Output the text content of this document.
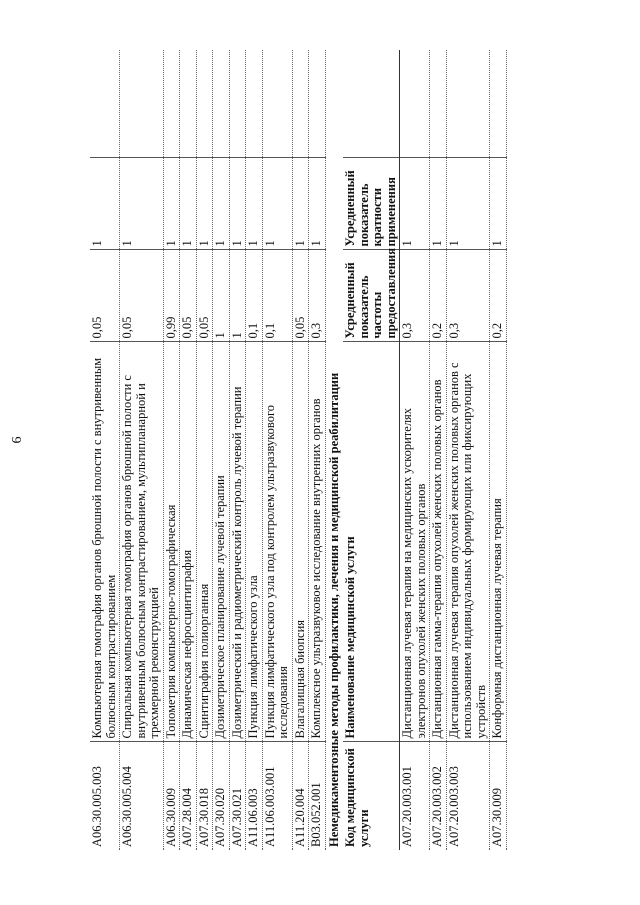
6
A06.30.005.003	Компьютерная томография органов брюшной полости с внутривенным болюсным контрастированием	0,05	1	
A06.30.005.004	Спиральная компьютерная томография органов брюшной полости с внутривенным болюсным контрастированием, мультипланарной и трехмерной реконструкцией	0,05	1	
A06.30.009	Топометрия компьютерно-томографическая	0,99	1	
A07.28.004	Динамическая нефросцинтиграфия	0,05	1	
A07.30.018	Сцинтиграфия полиорганная	0,05	1	
A07.30.020	Дозиметрическое планирование лучевой терапии	1	1	
A07.30.021	Дозиметрический и радиометрический контроль лучевой терапии	1	1	
A11.06.003	Пункция лимфатического узла	0,1	1	
A11.06.003.001	Пункция лимфатического узла под контролем ультразвукового исследования	0,1	1	
A11.20.004	Влагалищная биопсия	0,05	1	
B03.052.001	Комплексное ультразвуковое исследование внутренних органов	0,3	1	
Немедикаментозные методы профилактики, лечения и медицинской реабилитации				
Код медицинской услуги	Наименование медицинской услуги	Усредненный показатель частоты предоставления	Усредненный показатель кратности применения	
A07.20.003.001	Дистанционная лучевая терапия на медицинских ускорителях электронов опухолей женских половых органов	0,3	1	
A07.20.003.002	Дистанционная гамма-терапия опухолей женских половых органов	0,2	1	
A07.20.003.003	Дистанционная лучевая терапия опухолей женских половых органов с использованием индивидуальных формирующих или фиксирующих устройств	0,3	1	
A07.30.009	Конформная дистанционная лучевая терапия	0,2	1	
